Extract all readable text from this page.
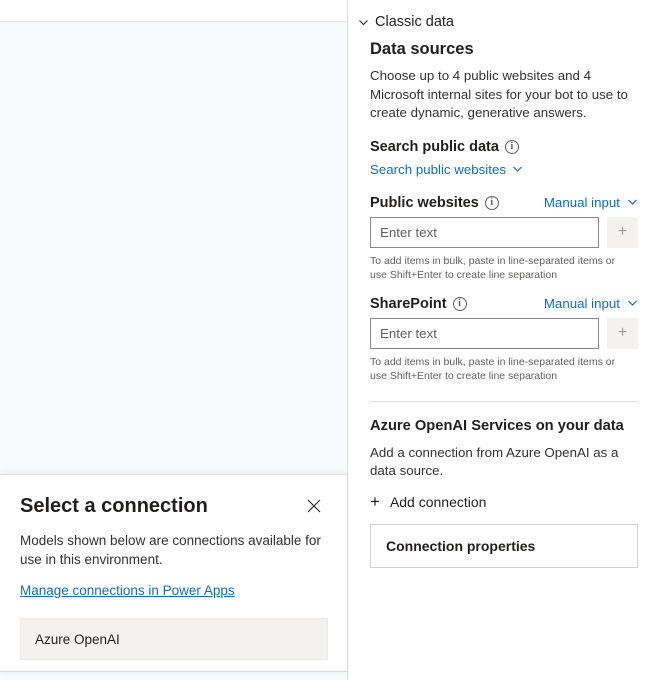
Select a connection
Models shown below are connections available for use in this environment.
Manage connections in Power Apps
Azure OpenAI
Classic data
Data sources

Choose up to 4 public websites and 4 Microsoft internal sites for your bot to use to create dynamic, generative answers.

Search public data	i
Search public websites
Public websites	i	Manual input
Enter text
+
To add items in bulk, paste in line-separated items or use Shift+Enter to create line separation
SharePoint	i	Manual input
Enter text
+
To add items in bulk, paste in line-separated items or use Shift+Enter to create line separation
Azure OpenAI Services on your data

Add a connection from Azure OpenAI as a data source.

+ Add connection
Connection properties
